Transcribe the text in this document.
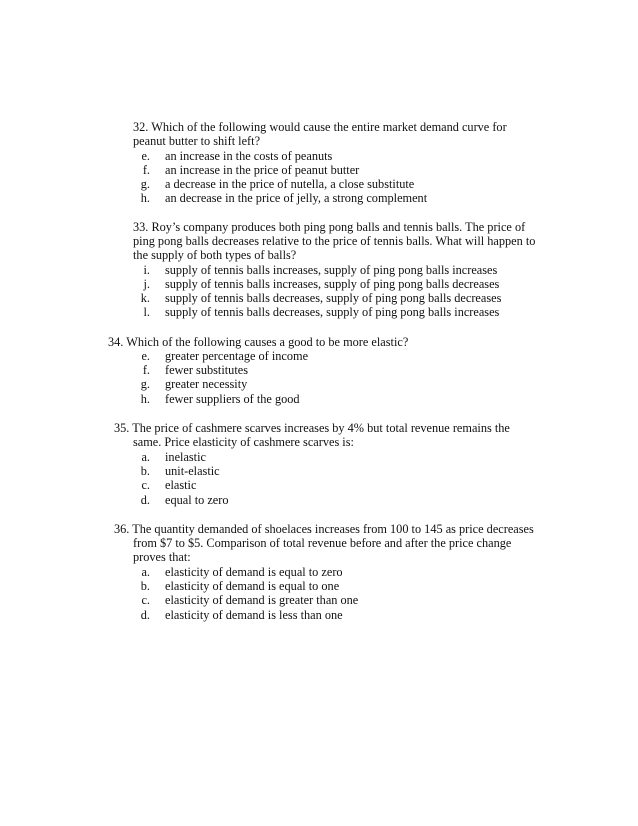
32. Which of the following would cause the entire market demand curve for
peanut butter to shift left?
e. an increase in the costs of peanuts
f. an increase in the price of peanut butter
g. a decrease in the price of nutella, a close substitute
h. an decrease in the price of jelly, a strong complement
33. Roy’s company produces both ping pong balls and tennis balls. The price of
ping pong balls decreases relative to the price of tennis balls. What will happen to
the supply of both types of balls?
i. supply of tennis balls increases, supply of ping pong balls increases
j. supply of tennis balls increases, supply of ping pong balls decreases
k. supply of tennis balls decreases, supply of ping pong balls decreases
l. supply of tennis balls decreases, supply of ping pong balls increases
34. Which of the following causes a good to be more elastic?
e. greater percentage of income
f. fewer substitutes
g. greater necessity
h. fewer suppliers of the good
35. The price of cashmere scarves increases by 4% but total revenue remains the
same. Price elasticity of cashmere scarves is:
a. inelastic
b. unit-elastic
c. elastic
d. equal to zero
36. The quantity demanded of shoelaces increases from 100 to 145 as price decreases
from $7 to $5. Comparison of total revenue before and after the price change
proves that:
a. elasticity of demand is equal to zero
b. elasticity of demand is equal to one
c. elasticity of demand is greater than one
d. elasticity of demand is less than one
